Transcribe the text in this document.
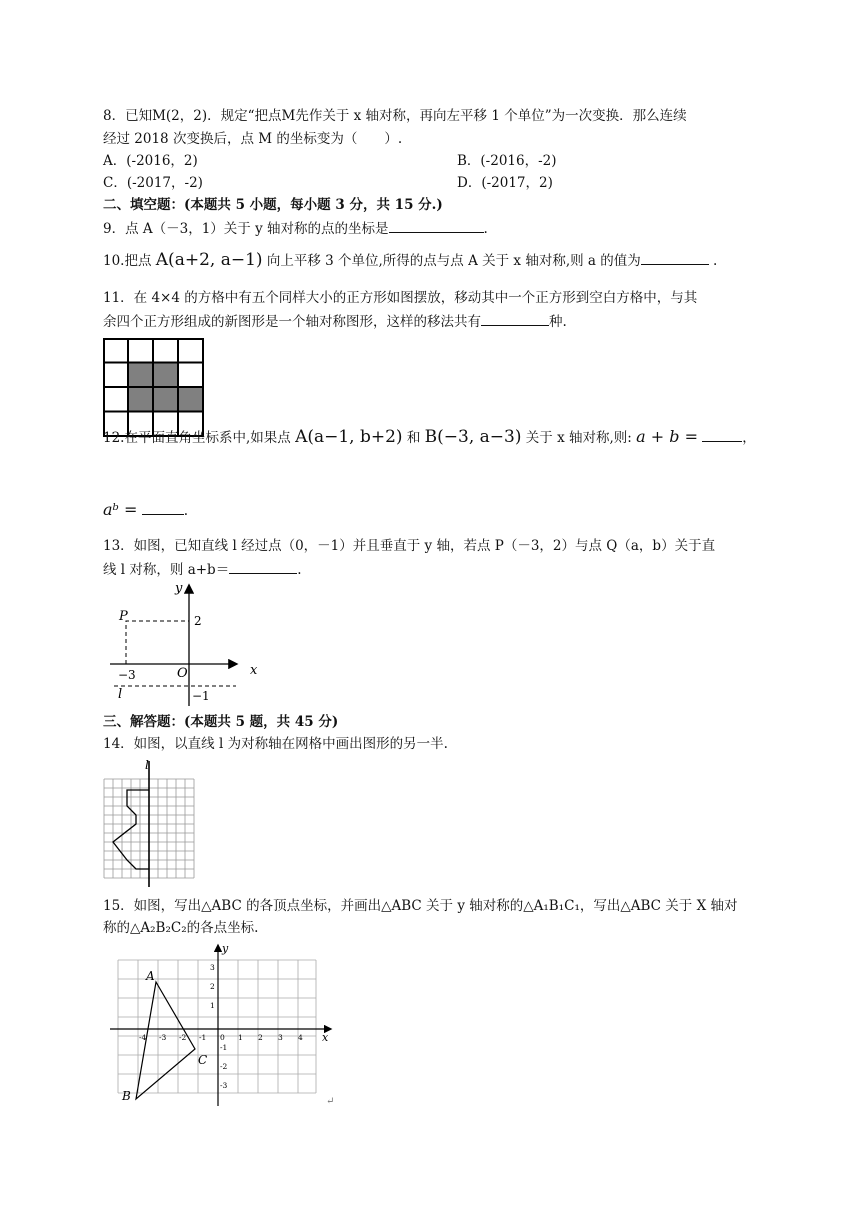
8．已知M(2，2)．规定“把点M先作关于 x 轴对称，再向左平移 1 个单位”为一次变换．那么连续
经过 2018 次变换后，点 M 的坐标变为（　　）.
A．(-2016，2)	B．(-2016，-2)
C．(-2017，-2)	D．(-2017，2)
二、填空题：(本题共 5 小题，每小题 3 分，共 15 分.)
9．点 A（－3，1）关于 y 轴对称的点的坐标是	.
10.把点 A(a+2, a−1) 向上平移 3 个单位,所得的点与点 A 关于 x 轴对称,则 a 的值为	.
11．在 4×4 的方格中有五个同样大小的正方形如图摆放，移动其中一个正方形到空白方格中，与其
余四个正方形组成的新图形是一个轴对称图形，这样的移法共有	种.
12.在平面直角坐标系中,如果点 A(a−1, b+2) 和 B(−3, a−3) 关于 x 轴对称,则: a + b =	，
aᵇ =	.
13．如图，已知直线 l 经过点（0，－1）并且垂直于 y 轴，若点 P（－3，2）与点 Q（a，b）关于直
线 l 对称，则 a+b＝	.
y
x
P	2
−3	O
l	−1
三、解答题：(本题共 5 题，共 45 分)
14．如图，以直线 l 为对称轴在网格中画出图形的另一半.
l
15．如图，写出△ABC 的各顶点坐标，并画出△ABC 关于 y 轴对称的△A₁B₁C₁，写出△ABC 关于 X 轴对
称的△A₂B₂C₂的各点坐标.
A
B
C
x
y
-4 -3 -2 -1 0 1 2 3 4
3
2
1
-1
-2
-3
↵
